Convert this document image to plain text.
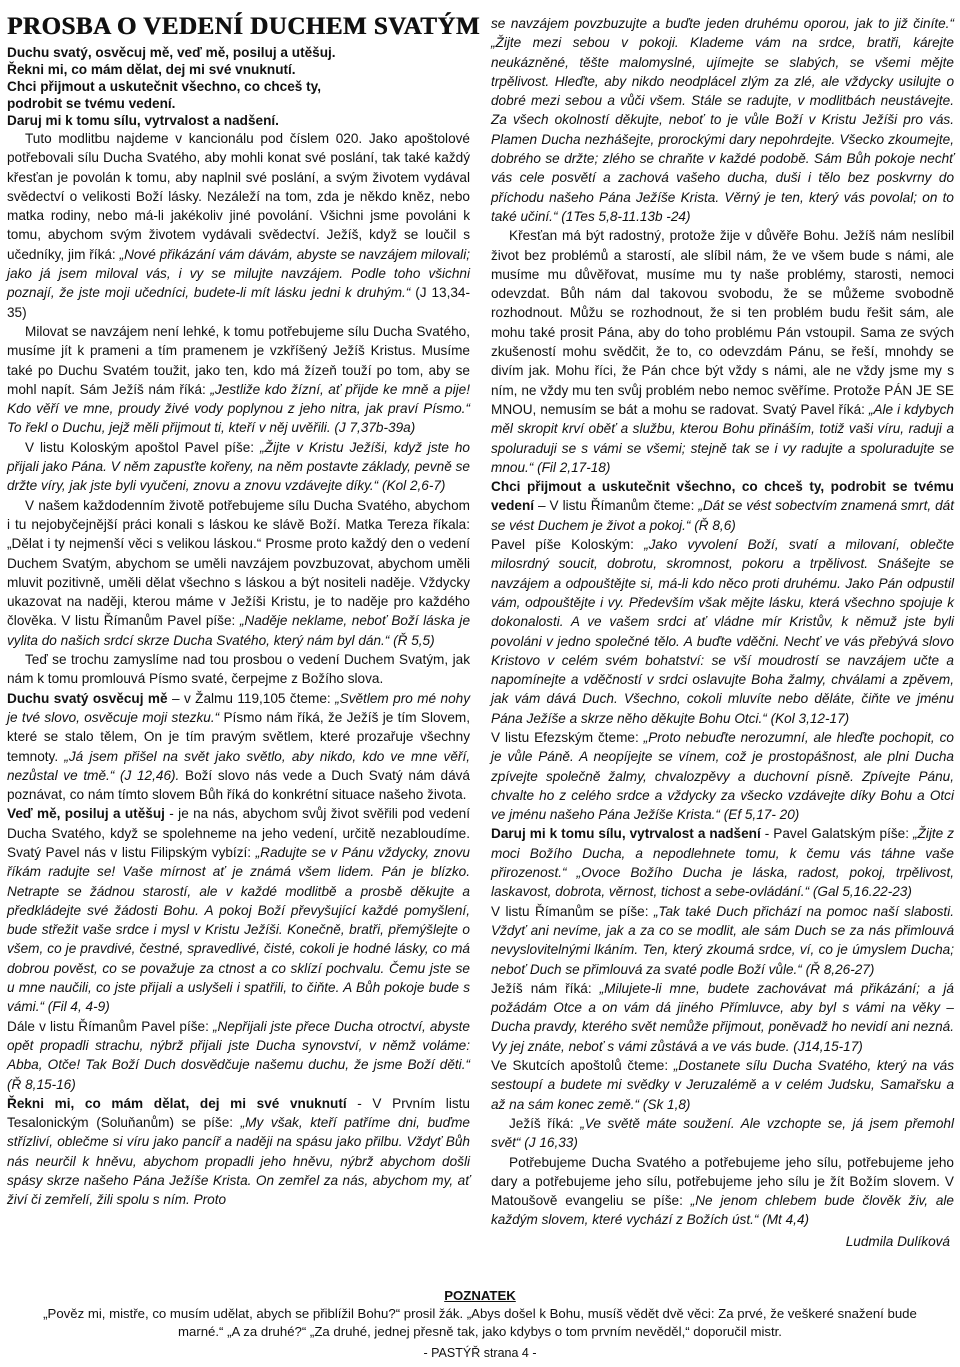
PROSBA O VEDENÍ DUCHEM SVATÝM

Duchu svatý, osvěcuj mě, veď mě, posiluj a utěšuj.

Řekni mi, co mám dělat, dej mi své vnuknutí.

Chci přijmout a uskutečnit všechno, co chceš ty,

podrobit se tvému vedení.

Daruj mi k tomu sílu, vytrvalost a nadšení.

Tuto modlitbu najdeme v kancionálu pod číslem 020. Jako apoštolové potřebovali sílu Ducha Svatého, aby mohli konat své poslání, tak také každý křesťan je povolán k tomu, aby naplnil své poslání, a svým životem vydával svědectví o velikosti Boží lásky. Nezáleží na tom, zda je někdo kněz, nebo matka rodiny, nebo má-li jakékoliv jiné povolání. Všichni jsme povoláni k tomu, abychom svým životem vydávali svědectví. Ježíš, když se loučil s učedníky, jim říká: „Nové přikázání vám dávám, abyste se navzájem milovali; jako já jsem miloval vás, i vy se milujte navzájem. Podle toho všichni poznají, že jste moji učedníci, budete-li mít lásku jedni k druhým.“ (J 13,34-35)

Milovat se navzájem není lehké, k tomu potřebujeme sílu Ducha Svatého, musíme jít k prameni a tím pramenem je vzkříšený Ježíš Kristus. Musíme také po Duchu Svatém toužit, jako ten, kdo má žízeň touží po tom, aby se mohl napít. Sám Ježíš nám říká: „Jestliže kdo žízní, ať přijde ke mně a pije! Kdo věří ve mne, proudy živé vody poplynou z jeho nitra, jak praví Písmo.“ To řekl o Duchu, jejž měli přijmout ti, kteří v něj uvěřili. (J 7,37b-39a)

V listu Koloským apoštol Pavel píše: „Žijte v Kristu Ježíši, když jste ho přijali jako Pána. V něm zapusťte kořeny, na něm postavte základy, pevně se držte víry, jak jste byli vyučeni, znovu a znovu vzdávejte díky.“ (Kol 2,6-7)

V našem každodenním životě potřebujeme sílu Ducha Svatého, abychom i tu nejobyčejnější práci konali s láskou ke slávě Boží. Matka Tereza říkala: „Dělat i ty nejmenší věci s velikou láskou.“ Prosme proto každý den o vedení Duchem Svatým, abychom se uměli navzájem povzbuzovat, abychom uměli mluvit pozitivně, uměli dělat všechno s láskou a být nositeli naděje. Vždycky ukazovat na naději, kterou máme v Ježíši Kristu, je to naděje pro každého člověka. V listu Římanům Pavel píše: „Naděje neklame, neboť Boží láska je vylita do našich srdcí skrze Ducha Svatého, který nám byl dán.“ (Ř 5,5)

Teď se trochu zamyslíme nad tou prosbou o vedení Duchem Svatým, jak nám k tomu promlouvá Písmo svaté, čerpejme z Božího slova.

Duchu svatý osvěcuj mě – v Žalmu 119,105 čteme: „Světlem pro mé nohy je tvé slovo, osvěcuje moji stezku.“ Písmo nám říká, že Ježíš je tím Slovem, které se stalo tělem, On je tím pravým světlem, které prozařuje všechny temnoty. „Já jsem přišel na svět jako světlo, aby nikdo, kdo ve mne věří, nezůstal ve tmě.“ (J 12,46). Boží slovo nás vede a Duch Svatý nám dává poznávat, co nám tímto slovem Bůh říká do konkrétní situace našeho života.

Veď mě, posiluj a utěšuj - je na nás, abychom svůj život svěřili pod vedení Ducha Svatého, když se spolehneme na jeho vedení, určitě nezabloudíme. Svatý Pavel nás v listu Filipským vybízí: „Radujte se v Pánu vždycky, znovu říkám radujte se! Vaše mírnost ať je známá všem lidem. Pán je blízko. Netrapte se žádnou starostí, ale v každé modlitbě a prosbě děkujte a předkládejte své žádosti Bohu. A pokoj Boží převyšující každé pomyšlení, bude střežit vaše srdce i mysl v Kristu Ježíši. Konečně, bratři, přemýšlejte o všem, co je pravdivé, čestné, spravedlivé, čisté, cokoli je hodné lásky, co má dobrou pověst, co se považuje za ctnost a co sklízí pochvalu. Čemu jste se u mne naučili, co jste přijali a uslyšeli i spatřili, to čiňte. A Bůh pokoje bude s vámi.“ (Fil 4, 4-9)

Dále v listu Římanům Pavel píše: „Nepřijali jste přece Ducha otroctví, abyste opět propadli strachu, nýbrž přijali jste Ducha synovství, v němž voláme: Abba, Otče! Tak Boží Duch dosvědčuje našemu duchu, že jsme Boží děti.“ (Ř 8,15-16)

Řekni mi, co mám dělat, dej mi své vnuknutí - V Prvním listu Tesalonickým (Soluňanům) se píše: „My však, kteří patříme dni, buďme střízliví, oblečme si víru jako pancíř a naději na spásu jako přilbu. Vždyť Bůh nás neurčil k hněvu, abychom propadli jeho hněvu, nýbrž abychom došli spásy skrze našeho Pána Ježíše Krista. On zemřel za nás, abychom my, ať živí či zemřelí, žili spolu s ním. Proto

se navzájem povzbuzujte a buďte jeden druhému oporou, jak to již činíte.“ „Žijte mezi sebou v pokoji. Klademe vám na srdce, bratři, kárejte neukázněné, těšte malomyslné, ujímejte se slabých, se všemi mějte trpělivost. Hleďte, aby nikdo neodplácel zlým za zlé, ale vždycky usilujte o dobré mezi sebou a vůči všem. Stále se radujte, v modlitbách neustávejte. Za všech okolností děkujte, neboť to je vůle Boží v Kristu Ježíši pro vás. Plamen Ducha nezhášejte, prorockými dary nepohrdejte. Všecko zkoumejte, dobrého se držte; zlého se chraňte v každé podobě. Sám Bůh pokoje nechť vás cele posvětí a zachová vašeho ducha, duši i tělo bez poskvrny do příchodu našeho Pána Ježíše Krista. Věrný je ten, který vás povolal; on to také učiní.“ (1Tes 5,8-11.13b -24)

Křesťan má být radostný, protože žije v důvěře Bohu. Ježíš nám neslíbil život bez problémů a starostí, ale slíbil nám, že ve všem bude s námi, ale musíme mu důvěřovat, musíme mu ty naše problémy, starosti, nemoci odevzdat. Bůh nám dal takovou svobodu, že se můžeme svobodně rozhodnout. Můžu se rozhodnout, že si ten problém budu řešit sám, ale mohu také prosit Pána, aby do toho problému Pán vstoupil. Sama ze svých zkušeností mohu svědčit, že to, co odevzdám Pánu, se řeší, mnohdy se divím jak. Mohu říci, že Pán chce být vždy s námi, ale ne vždy jsme my s ním, ne vždy mu ten svůj problém nebo nemoc svěříme. Protože PÁN JE SE MNOU, nemusím se bát a mohu se radovat. Svatý Pavel říká: „Ale i kdybych měl skropit krví oběť a službu, kterou Bohu přináším, totiž vaši víru, raduji a spoluraduji se s vámi se všemi; stejně tak se i vy radujte a spoluradujte se mnou.“ (Fil 2,17-18)

Chci přijmout a uskutečnit všechno, co chceš ty, podrobit se tvému vedení – V listu Římanům čteme: „Dát se vést sobectvím znamená smrt, dát se vést Duchem je život a pokoj.“ (Ř 8,6)

Pavel píše Koloským: „Jako vyvolení Boží, svatí a milovaní, oblečte milosrdný soucit, dobrotu, skromnost, pokoru a trpělivost. Snášejte se navzájem a odpouštějte si, má-li kdo něco proti druhému. Jako Pán odpustil vám, odpouštějte i vy. Především však mějte lásku, která všechno spojuje k dokonalosti. A ve vašem srdci ať vládne mír Kristův, k němuž jste byli povoláni v jedno společné tělo. A buďte vděčni. Nechť ve vás přebývá slovo Kristovo v celém svém bohatství: se vší moudrostí se navzájem učte a napomínejte a vděčností v srdci oslavujte Boha žalmy, chválami a zpěvem, jak vám dává Duch. Všechno, cokoli mluvíte nebo děláte, čiňte ve jménu Pána Ježíše a skrze něho děkujte Bohu Otci.“ (Kol 3,12-17)

V listu Efezským čteme: „Proto nebuďte nerozumní, ale hleďte pochopit, co je vůle Páně. A neopíjejte se vínem, což je prostopášnost, ale plni Ducha zpívejte společně žalmy, chvalozpěvy a duchovní písně. Zpívejte Pánu, chvalte ho z celého srdce a vždycky za všecko vzdávejte díky Bohu a Otci ve jménu našeho Pána Ježíše Krista.“ (Ef 5,17- 20)

Daruj mi k tomu sílu, vytrvalost a nadšení - Pavel Galatským píše: „Žijte z moci Božího Ducha, a nepodlehnete tomu, k čemu vás táhne vaše přirozenost.“ „Ovoce Božího Ducha je láska, radost, pokoj, trpělivost, laskavost, dobrota, věrnost, tichost a sebe-ovládání.“ (Gal 5,16.22-23)

V listu Římanům se píše: „Tak také Duch přichází na pomoc naší slabosti. Vždyť ani nevíme, jak a za co se modlit, ale sám Duch se za nás přimlouvá nevyslovitelnými lkáním. Ten, který zkoumá srdce, ví, co je úmyslem Ducha; neboť Duch se přimlouvá za svaté podle Boží vůle.“ (Ř 8,26-27)

Ježíš nám říká: „Milujete-li mne, budete zachovávat má přikázání; a já požádám Otce a on vám dá jiného Přímluvce, aby byl s vámi na věky – Ducha pravdy, kterého svět nemůže přijmout, poněvadž ho nevidí ani nezná. Vy jej znáte, neboť s vámi zůstává a ve vás bude. (J14,15-17)

Ve Skutcích apoštolů čteme: „Dostanete sílu Ducha Svatého, který na vás sestoupí a budete mi svědky v Jeruzalémě a v celém Judsku, Samařsku a až na sám konec země.“ (Sk 1,8)

Ježíš říká: „Ve světě máte soužení. Ale vzchopte se, já jsem přemohl svět“ (J 16,33)

Potřebujeme Ducha Svatého a potřebujeme jeho sílu, potřebujeme jeho dary a potřebujeme jeho sílu, potřebujeme jeho sílu je žít Božím slovem. V Matoušově evangeliu se píše: „Ne jenom chlebem bude člověk živ, ale každým slovem, které vychází z Božích úst.“ (Mt 4,4)

Ludmila Dulíková

POZNATEK
„Pověz mi, mistře, co musím udělat, abych se přiblížil Bohu?“ prosil žák. „Abys došel k Bohu, musíš vědět dvě věci: Za prvé, že veškeré snažení bude marné.“ „A za druhé?“ „Za druhé, jednej přesně tak, jako kdybys o tom prvním nevěděl,“ doporučil mistr.
- PASTÝŘ strana 4 -
